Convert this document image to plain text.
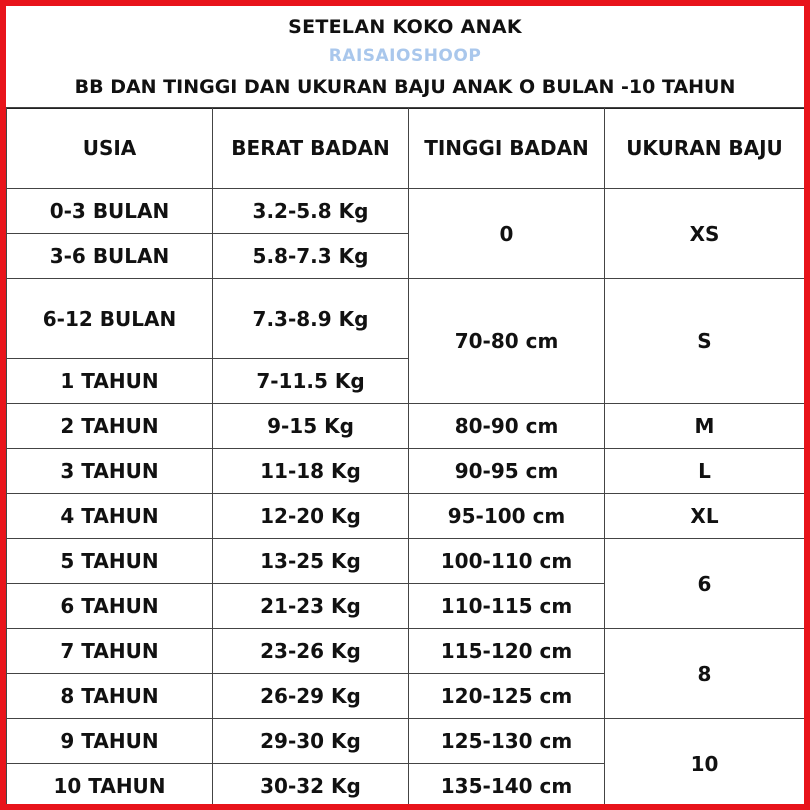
SETELAN KOKO ANAK
RAISAIOSHOOP
BB DAN TINGGI DAN UKURAN BAJU ANAK O BULAN -10 TAHUN
USIA	BERAT BADAN	TINGGI BADAN	UKURAN BAJU
0-3 BULAN	3.2-5.8 Kg	0	XS
3-6 BULAN	5.8-7.3 Kg		
6-12 BULAN	7.3-8.9 Kg	70-80 cm	S
1 TAHUN	7-11.5 Kg		
2 TAHUN	9-15 Kg	80-90 cm	M
3 TAHUN	11-18 Kg	90-95 cm	L
4 TAHUN	12-20 Kg	95-100 cm	XL
5 TAHUN	13-25 Kg	100-110 cm	6
6 TAHUN	21-23 Kg	110-115 cm	
7 TAHUN	23-26 Kg	115-120 cm	8
8 TAHUN	26-29 Kg	120-125 cm	
9 TAHUN	29-30 Kg	125-130 cm	10
10 TAHUN	30-32 Kg	135-140 cm	
